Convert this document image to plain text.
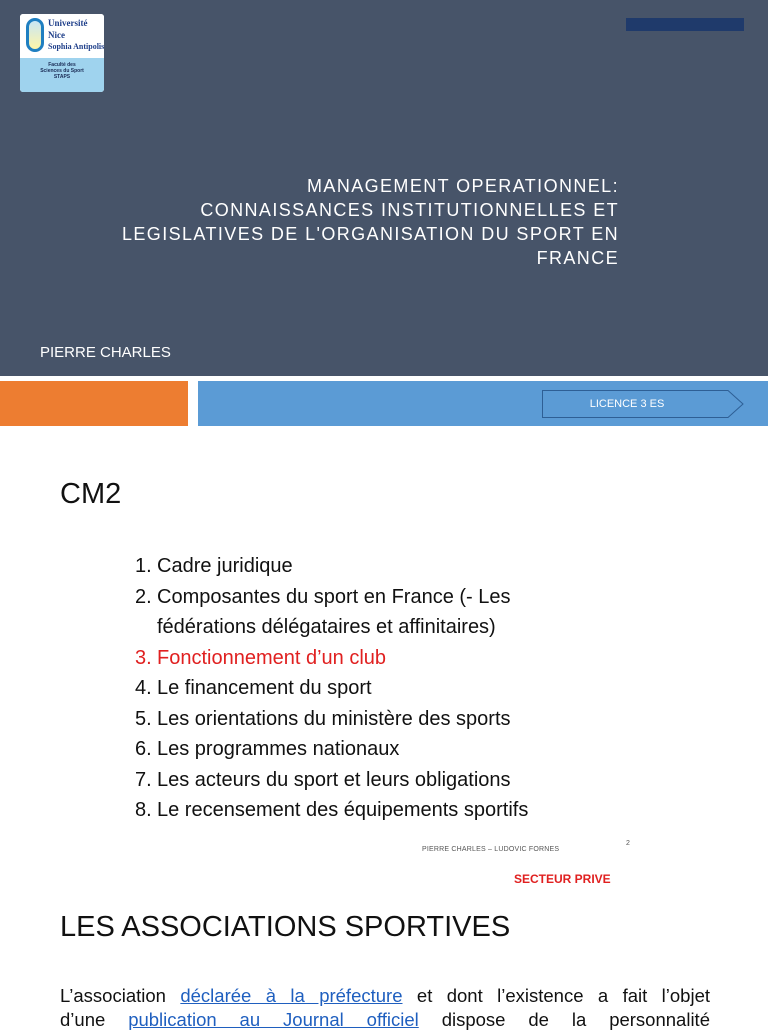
Université
Nice
Sophia Antipolis
Faculté des
Sciences du Sport
STAPS
MANAGEMENT OPERATIONNEL:
CONNAISSANCES INSTITUTIONNELLES ET
LEGISLATIVES DE L'ORGANISATION DU SPORT EN
FRANCE
PIERRE CHARLES
LICENCE 3 ES
CM2
1. Cadre juridique
2. Composantes du sport en France (- Les fédérations délégataires et affinitaires)
3. Fonctionnement d’un club
4. Le financement du sport
5. Les orientations du ministère des sports
6. Les programmes nationaux
7. Les acteurs du sport et leurs obligations
8. Le recensement des équipements sportifs
PIERRE CHARLES – LUDOVIC FORNES
2
SECTEUR PRIVE
LES ASSOCIATIONS SPORTIVES
L’association déclarée à la préfecture et dont l’existence a fait l’objet
d’une publication au Journal officiel dispose de la personnalité
